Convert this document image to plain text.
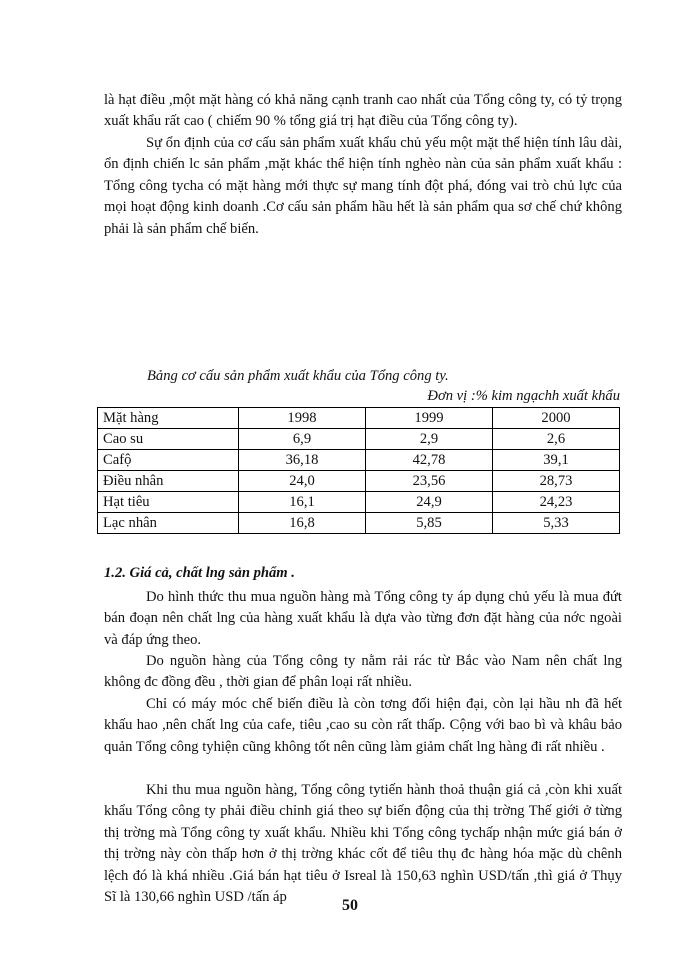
là hạt điều ,một mặt hàng có khả năng cạnh tranh cao nhất của Tổng công ty, có tỷ trọng xuất khẩu rất cao ( chiếm 90 % tổng giá trị hạt điều của Tổng công ty).

Sự ổn định của cơ cấu sản phẩm xuất khẩu chủ yếu một mặt thể hiện tính lâu dài, ổn định chiến lc sản phẩm ,mặt khác thể hiện tính nghèo nàn của sản phẩm xuất khẩu : Tổng công tycha có mặt hàng mới thực sự mang tính đột phá, đóng vai trò chủ lực của mọi hoạt động kinh doanh .Cơ cấu sản phẩm hầu hết là sản phẩm qua sơ chế chứ không phải là sản phẩm chế biến.

Bảng cơ cấu sản phẩm xuất khẩu của Tổng công ty.

Đơn vị :% kim ngạchh xuất khẩu

Mặt hàng	1998	1999	2000
Cao su	6,9	2,9	2,6
Cafộ	36,18	42,78	39,1
Điều nhân	24,0	23,56	28,73
Hạt tiêu	16,1	24,9	24,23
Lạc nhân	16,8	5,85	5,33

1.2. Giá cả, chất lng sản phẩm .

Do hình thức thu mua nguồn hàng mà Tổng công ty áp dụng chủ yếu là mua đứt bán đoạn nên chất lng của hàng xuất khẩu là dựa vào từng đơn đặt hàng của nớc ngoài và đáp ứng theo.

Do nguồn hàng của Tổng công ty nằm rải rác từ Bắc vào Nam nên chất lng không đc đồng đều , thời gian để phân loại rất nhiều.

Chỉ có máy móc chế biến điều là còn tơng đối hiện đại, còn lại hầu nh đã hết khấu hao ,nên chất lng của cafe, tiêu ,cao su còn rất thấp. Cộng với bao bì và khâu bảo quản Tổng công tyhiện cũng không tốt nên cũng làm giảm chất lng hàng đi rất nhiều .

Khi thu mua nguồn hàng, Tổng công tytiến hành thoả thuận giá cả ,còn khi xuất khẩu Tổng công ty phải điều chỉnh giá theo sự biến động của thị trờng Thế giới ở từng thị trờng mà Tổng công ty xuất khẩu. Nhiều khi Tổng công tychấp nhận mức giá bán ở thị trờng này còn thấp hơn ở thị trờng khác cốt để tiêu thụ đc hàng hóa mặc dù chênh lệch đó là khá nhiều .Giá bán hạt tiêu ở Isreal là 150,63 nghìn USD/tấn ,thì giá ở Thụy Sĩ là 130,66 nghìn USD /tấn áp	50
